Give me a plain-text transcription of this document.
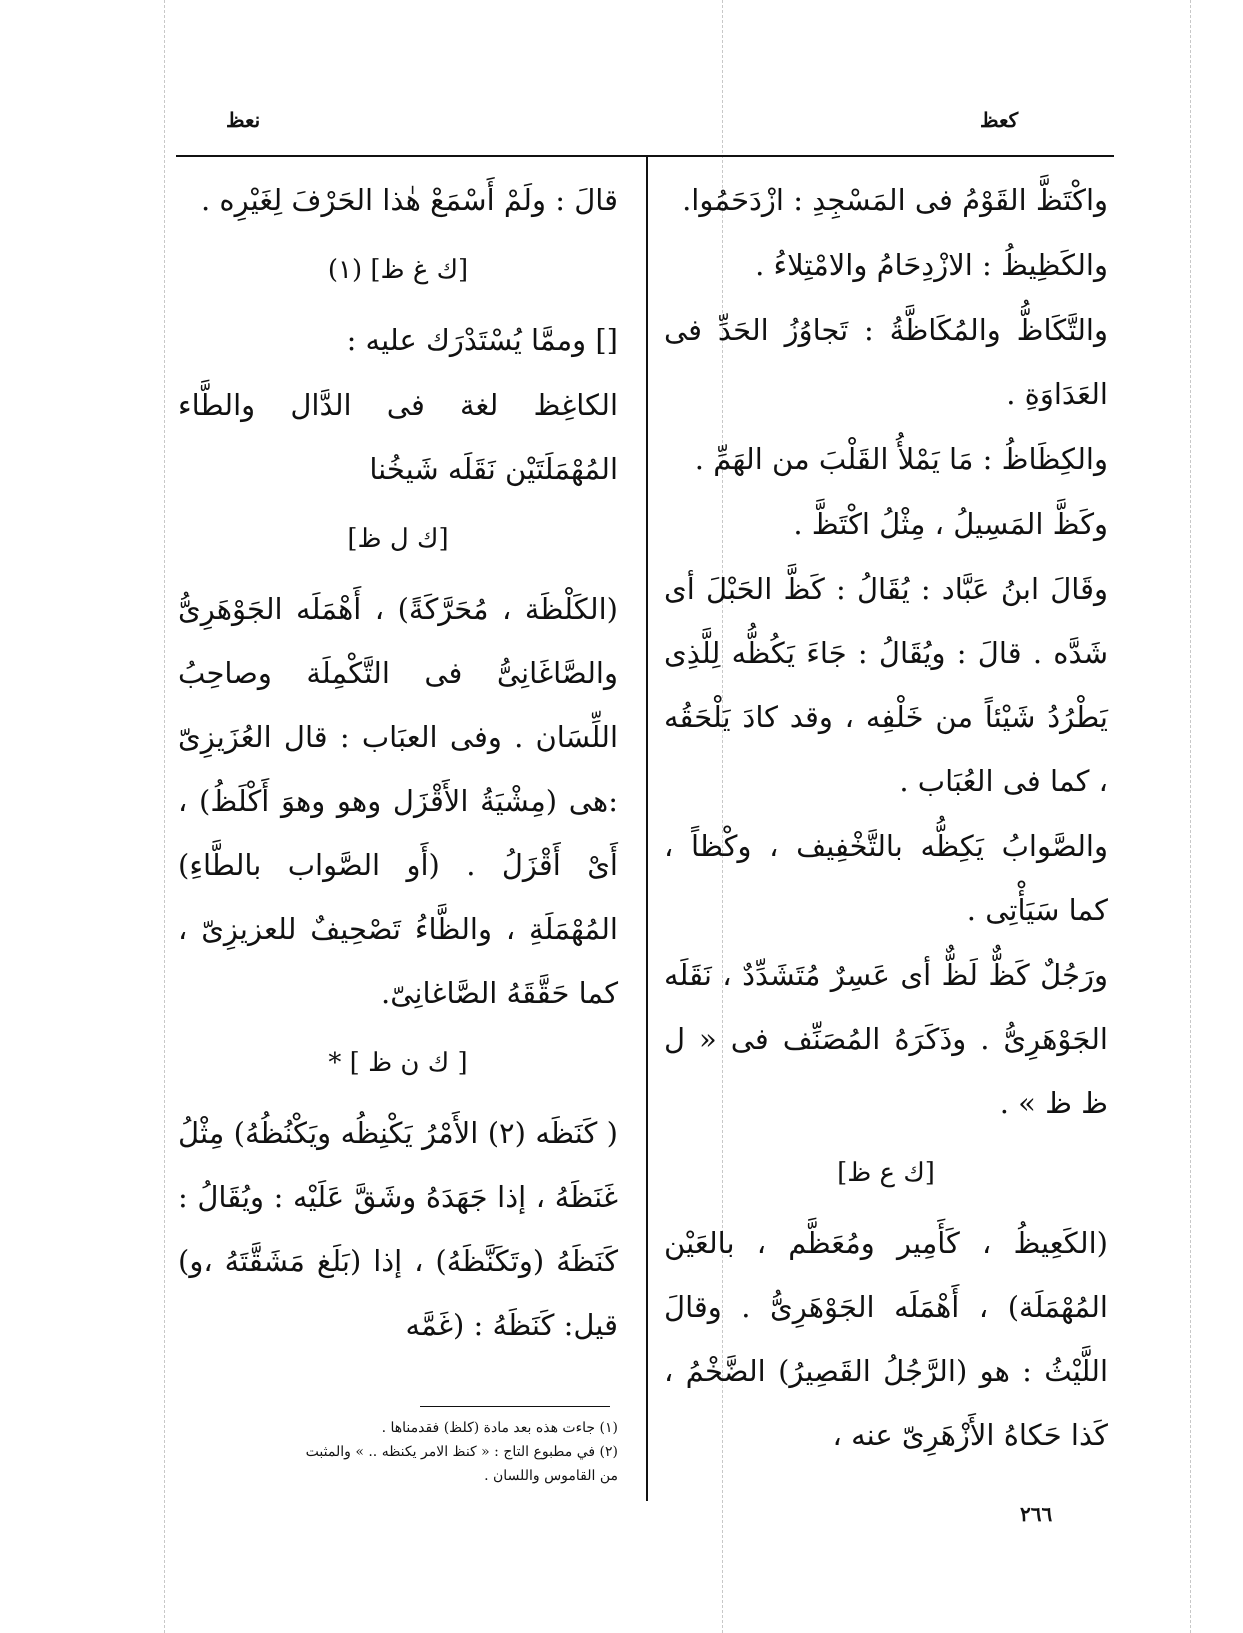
كعظ
نعظ

واكْتَظَّ القَوْمُ فى المَسْجِدِ : ازْدَحَمُوا.

والكَظِيظُ : الازْدِحَامُ والامْتِلاءُ .

والتَّكَاظُّ والمُكَاظَّةُ : تَجاوُزُ الحَدِّ فى العَدَاوَةِ .

والكِظَاظُ : مَا يَمْلأُ القَلْبَ من الهَمِّ .

وكَظَّ المَسِيلُ ، مِثْلُ اكْتَظَّ .

وقَالَ ابنُ عَبَّاد : يُقَالُ : كَظَّ الحَبْلَ أى شَدَّه . قالَ : ويُقَالُ : جَاءَ يَكُظُّه لِلَّذِى يَطْرُدُ شَيْئاً من خَلْفِه ، وقد كادَ يَلْحَقُه ، كما فى العُبَاب .

والصَّوابُ يَكِظُّه بالتَّخْفِيف ، وكْظاً ، كما سَيَأْتِى .

ورَجُلٌ كَظٌّ لَظٌّ أى عَسِرٌ مُتَشَدِّدٌ ، نَقَلَه الجَوْهَرِىُّ . وذَكَرَهُ المُصَنِّف فى « ل ظ ظ » .

[ك ع ظ]

(الكَعِيظُ ، كَأَمِير ومُعَظَّم ، بالعَيْن المُهْمَلَة) ، أَهْمَلَه الجَوْهَرِىُّ . وقالَ اللَّيْثُ : هو (الرَّجُلُ القَصِيرُ) الضَّخْمُ ، كَذا حَكاهُ الأَزْهَرِىّ عنه ،

قالَ : ولَمْ أَسْمَعْ هٰذا الحَرْفَ لِغَيْرِه .

[ك غ ظ] (١)

[] وممَّا يُسْتَدْرَك عليه :

الكاغِظ لغة فى الدَّال والطَّاء المُهْمَلَتَيْن نَقَلَه شَيخُنا

[ك ل ظ]

(الكَلْظَة ، مُحَرَّكَةً) ، أَهْمَلَه الجَوْهَرِىُّ والصَّاغَانِىُّ فى التَّكْمِلَة وصاحِبُ اللِّسَان . وفى العبَاب : قال العُزَيزِىّ :هى (مِشْيَةُ الأَقْزَل وهو وهوَ أَكْلَظُ) ، أَىْ أَقْزَلُ . (أَو الصَّواب بالطَّاءِ) المُهْمَلَةِ ، والظَّاءُ تَصْحِيفٌ للعزيزِىّ ، كما حَقَّقَهُ الصَّاغانِىّ.

[ ك ن ظ ] *

( كَنَظَه (٢) الأَمْرُ يَكْنِظُه ويَكْنُظُهُ) مِثْلُ غَنَظَهُ ، إذا جَهَدَهُ وشَقَّ عَلَيْه : ويُقَالُ : كَنَظَهُ (وتَكَنَّظَهُ) ، إذا (بَلَغ مَشَقَّتَهُ ،و) قيل: كَنَظَهُ : (غَمَّه

(١) جاءت هذه بعد مادة (كلظ) فقدمناها .
(٢) في مطبوع التاج : « كنظ الامر يكنظه .. » والمثبت من القاموس واللسان .
٢٦٦
